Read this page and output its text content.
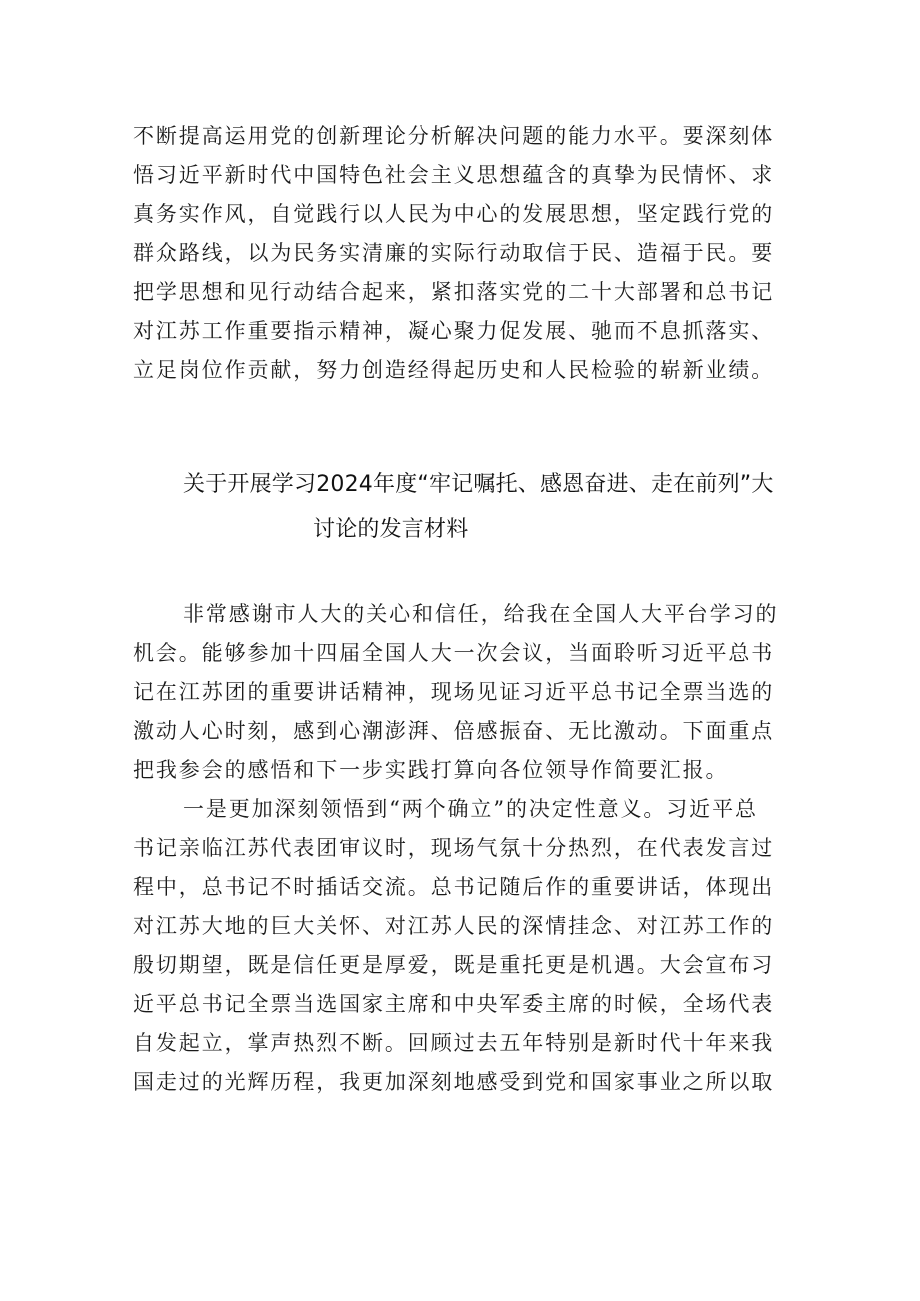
不断提高运用党的创新理论分析解决问题的能力水平。要深刻体
悟习近平新时代中国特色社会主义思想蕴含的真挚为民情怀、求
真务实作风，自觉践行以人民为中心的发展思想，坚定践行党的
群众路线，以为民务实清廉的实际行动取信于民、造福于民。要
把学思想和见行动结合起来，紧扣落实党的二十大部署和总书记
对江苏工作重要指示精神，凝心聚力促发展、驰而不息抓落实、
立足岗位作贡献，努力创造经得起历史和人民检验的崭新业绩。
关于开展学习2024年度“牢记嘱托、感恩奋进、走在前列”大
讨论的发言材料
非常感谢市人大的关心和信任，给我在全国人大平台学习的
机会。能够参加十四届全国人大一次会议，当面聆听习近平总书
记在江苏团的重要讲话精神，现场见证习近平总书记全票当选的
激动人心时刻，感到心潮澎湃、倍感振奋、无比激动。下面重点
把我参会的感悟和下一步实践打算向各位领导作简要汇报。
一是更加深刻领悟到“两个确立”的决定性意义。习近平总
书记亲临江苏代表团审议时，现场气氛十分热烈，在代表发言过
程中，总书记不时插话交流。总书记随后作的重要讲话，体现出
对江苏大地的巨大关怀、对江苏人民的深情挂念、对江苏工作的
殷切期望，既是信任更是厚爱，既是重托更是机遇。大会宣布习
近平总书记全票当选国家主席和中央军委主席的时候，全场代表
自发起立，掌声热烈不断。回顾过去五年特别是新时代十年来我
国走过的光辉历程，我更加深刻地感受到党和国家事业之所以取
